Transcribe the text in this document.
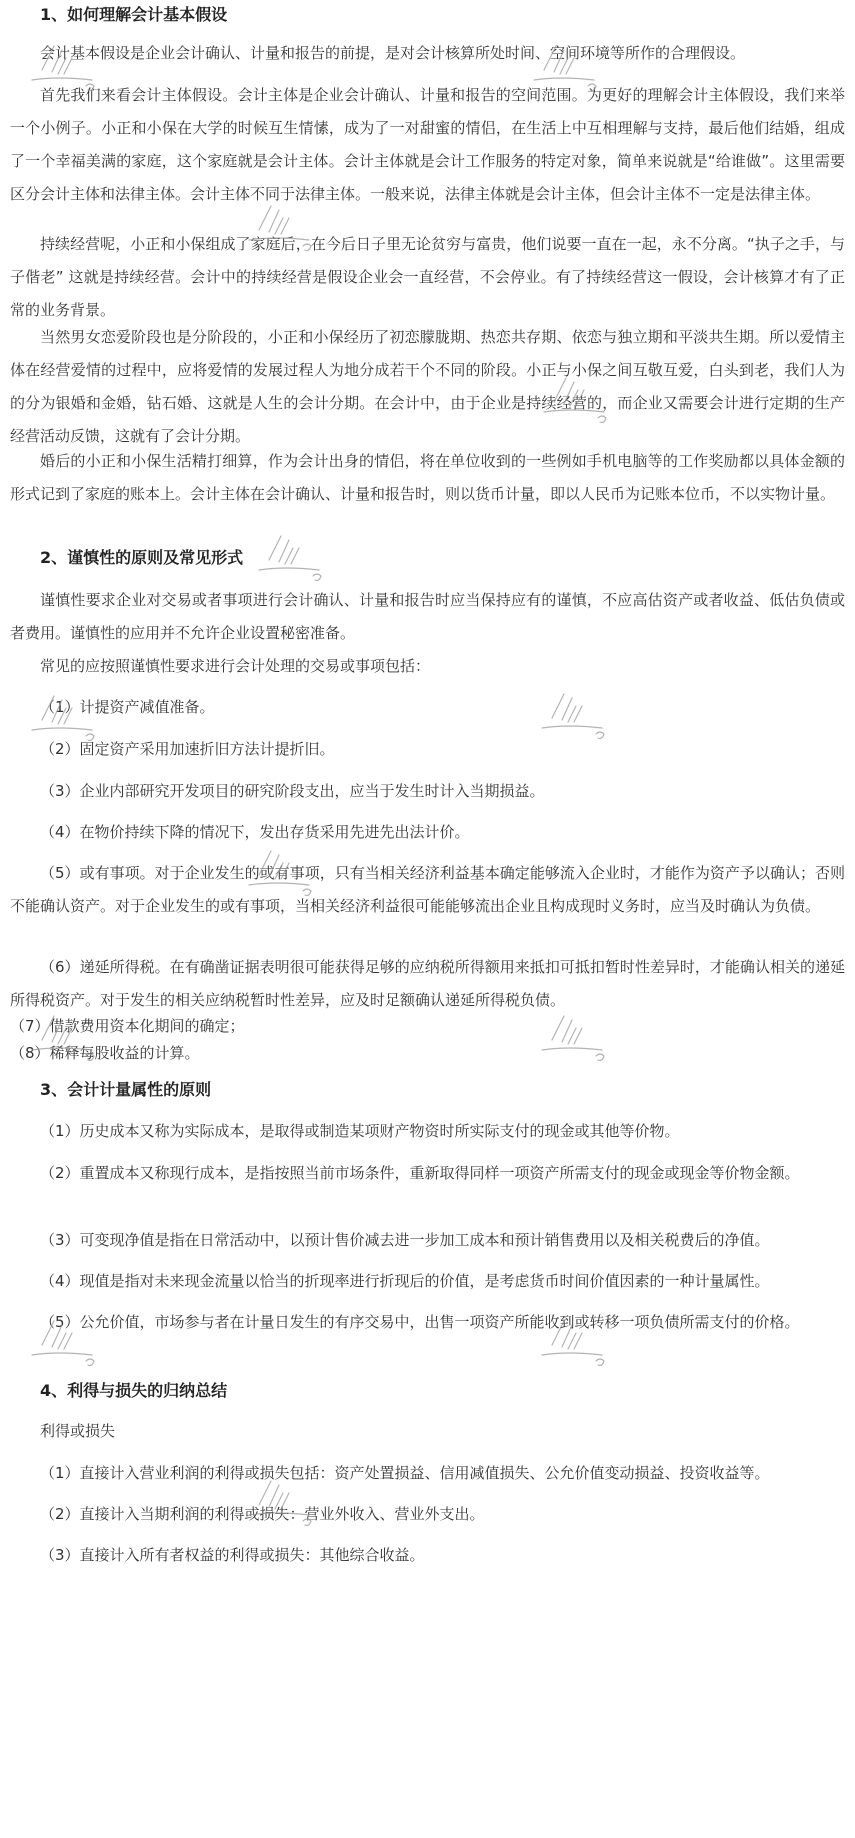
1、如何理解会计基本假设

会计基本假设是企业会计确认、计量和报告的前提，是对会计核算所处时间、空间环境等所作的合理假设。

首先我们来看会计主体假设。会计主体是企业会计确认、计量和报告的空间范围。为更好的理解会计主体假设，我们来举一个小例子。小正和小保在大学的时候互生情愫，成为了一对甜蜜的情侣，在生活上中互相理解与支持，最后他们结婚，组成了一个幸福美满的家庭，这个家庭就是会计主体。会计主体就是会计工作服务的特定对象，简单来说就是“给谁做”。这里需要区分会计主体和法律主体。会计主体不同于法律主体。一般来说，法律主体就是会计主体，但会计主体不一定是法律主体。

持续经营呢，小正和小保组成了家庭后，在今后日子里无论贫穷与富贵，他们说要一直在一起，永不分离。“执子之手，与子偕老” 这就是持续经营。会计中的持续经营是假设企业会一直经营，不会停业。有了持续经营这一假设，会计核算才有了正常的业务背景。

当然男女恋爱阶段也是分阶段的，小正和小保经历了初恋朦胧期、热恋共存期、依恋与独立期和平淡共生期。所以爱情主体在经营爱情的过程中，应将爱情的发展过程人为地分成若干个不同的阶段。小正与小保之间互敬互爱，白头到老，我们人为的分为银婚和金婚，钻石婚、这就是人生的会计分期。在会计中，由于企业是持续经营的，而企业又需要会计进行定期的生产经营活动反馈，这就有了会计分期。

婚后的小正和小保生活精打细算，作为会计出身的情侣，将在单位收到的一些例如手机电脑等的工作奖励都以具体金额的形式记到了家庭的账本上。会计主体在会计确认、计量和报告时，则以货币计量，即以人民币为记账本位币，不以实物计量。

2、谨慎性的原则及常见形式

谨慎性要求企业对交易或者事项进行会计确认、计量和报告时应当保持应有的谨慎，不应高估资产或者收益、低估负债或者费用。谨慎性的应用并不允许企业设置秘密准备。

常见的应按照谨慎性要求进行会计处理的交易或事项包括：

（1）计提资产减值准备。

（2）固定资产采用加速折旧方法计提折旧。

（3）企业内部研究开发项目的研究阶段支出，应当于发生时计入当期损益。

（4）在物价持续下降的情况下，发出存货采用先进先出法计价。

（5）或有事项。对于企业发生的或有事项，只有当相关经济利益基本确定能够流入企业时，才能作为资产予以确认；否则不能确认资产。对于企业发生的或有事项，当相关经济利益很可能能够流出企业且构成现时义务时，应当及时确认为负债。

（6）递延所得税。在有确凿证据表明很可能获得足够的应纳税所得额用来抵扣可抵扣暂时性差异时，才能确认相关的递延所得税资产。对于发生的相关应纳税暂时性差异，应及时足额确认递延所得税负债。

（7）借款费用资本化期间的确定；

（8）稀释每股收益的计算。

3、会计计量属性的原则

（1）历史成本又称为实际成本，是取得或制造某项财产物资时所实际支付的现金或其他等价物。

（2）重置成本又称现行成本，是指按照当前市场条件，重新取得同样一项资产所需支付的现金或现金等价物金额。

（3）可变现净值是指在日常活动中，以预计售价减去进一步加工成本和预计销售费用以及相关税费后的净值。

（4）现值是指对未来现金流量以恰当的折现率进行折现后的价值，是考虑货币时间价值因素的一种计量属性。

（5）公允价值，市场参与者在计量日发生的有序交易中，出售一项资产所能收到或转移一项负债所需支付的价格。

4、利得与损失的归纳总结

利得或损失

（1）直接计入营业利润的利得或损失包括：资产处置损益、信用减值损失、公允价值变动损益、投资收益等。

（2）直接计入当期利润的利得或损失：营业外收入、营业外支出。

（3）直接计入所有者权益的利得或损失：其他综合收益。
